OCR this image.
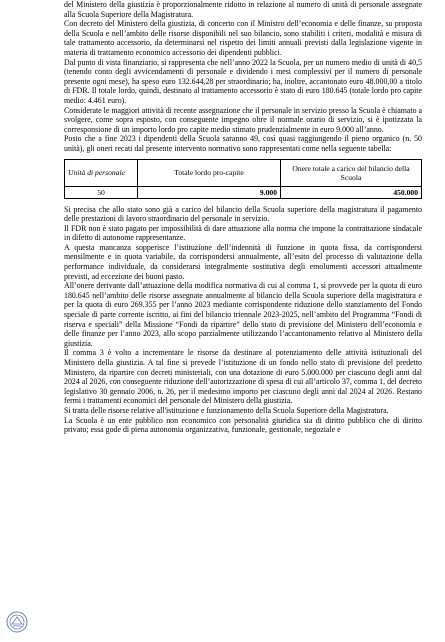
del Ministero della giustizia è proporzionalmente ridotto in relazione al numero di unità di personale assegnate alla Scuola Superiore della Magistratura.

Con decreto del Ministero della giustizia, di concerto con il Ministro dell’economia e delle finanze, su proposta della Scuola e nell’ambito delle risorse disponibili nel suo bilancio, sono stabiliti i criteri, modalità e misura di tale trattamento accessorio, da determinarsi nel rispetto dei limiti annuali previsti dalla legislazione vigente in materia di trattamento economico accessorio dei dipendenti pubblici.

Dal punto di vista finanziario, si rappresenta che nell’anno 2022 la Scuola, per un numero medio di unità di 40,5 (tenendo conto degli avvicendamenti di personale e dividendo i mesi complessivi per il numero di personale presente ogni mese), ha speso euro 132.644,28 per straordinario; ha, inoltre, accantonato euro 48.000,00 a titolo di FDR. Il totale lordo, quindi, destinato al trattamento accessorio è stato di euro 180.645 (totale lordo pro capite medio: 4.461 euro).

Considerate le maggiori attività di recente assegnazione che il personale in servizio presso la Scuola è chiamato a svolgere, come sopra esposto, con conseguente impegno oltre il normale orario di servizio, si è ipotizzata la corresponsione di un importo lordo pro capite medio stimato prudenzialmente in euro 9.000 all’anno.

Posto che a fine 2023 i dipendenti della Scuola saranno 49, così quasi raggiungendo il pieno organico (n. 50 unità), gli oneri recati dal presente intervento normativo sono rappresentati come nella seguente tabella:

Unità di personale	Totale lordo pro-capite	Onere totale a carico del bilancio della Scuola
50	9.000	450.000

Si precisa che allo stato sono già a carico del bilancio della Scuola superiore della magistratura il pagamento delle prestazioni di lavoro straordinario del personale in servizio.

Il FDR non è stato pagato per impossibilità di dare attuazione alla norma che impone la contrattazione sindacale in difetto di autonome rappresentanze.

A questa mancanza sopperisce l’istituzione dell’indennità di funzione in quota fissa, da corrispondersi mensilmente e in quota variabile, da corrispondersi annualmente, all’esito del processo di valutazione della performance individuale, da considerarsi integralmente sostitutiva degli emolumenti accessori attualmente previsti, ad eccezione dei buoni pasto.

All’onere derivante dall’attuazione della modifica normativa di cui al comma 1, si provvede per la quota di euro 180.645 nell’ambito delle risorse assegnate annualmente al bilancio della Scuola superiore della magistratura e per la quota di euro 269.355 per l’anno 2023 mediante corrispondente riduzione dello stanziamento del Fondo speciale di parte corrente iscritto, ai fini del bilancio triennale 2023-2025, nell’ambito del Programma “Fondi di riserva e speciali” della Missione “Fondi da ripartire” dello stato di previsione del Ministero dell’economia e delle finanze per l’anno 2023, allo scopo parzialmente utilizzando l’accantonamento relativo al Ministero della giustizia.

Il comma 3 è volto a incrementare le risorse da destinare al potenziamento delle attività istituzionali del Ministero della giustizia. A tal fine si prevede l’istituzione di un fondo nello stato di previsione del predetto Ministero, da ripartire con decreti ministeriali, con una dotazione di euro 5.000.000 per ciascuno degli anni dal 2024 al 2026, con conseguente riduzione dell’autorizzazione di spesa di cui all’articolo 37, comma 1, del decreto legislativo 30 gennaio 2006, n. 26, per il medesimo importo per ciascuno degli anni dal 2024 al 2026. Restano fermi i trattamenti economici del personale del Ministero della giustizia.

Si tratta delle risorse relative all'istituzione e funzionamento della Scuola Superiore della Magistratura.

La Scuola è un ente pubblico non economico con personalità giuridica sia di diritto pubblico che di diritto privato; essa gode di piena autonomia organizzativa, funzionale, gestionale, negoziale e
